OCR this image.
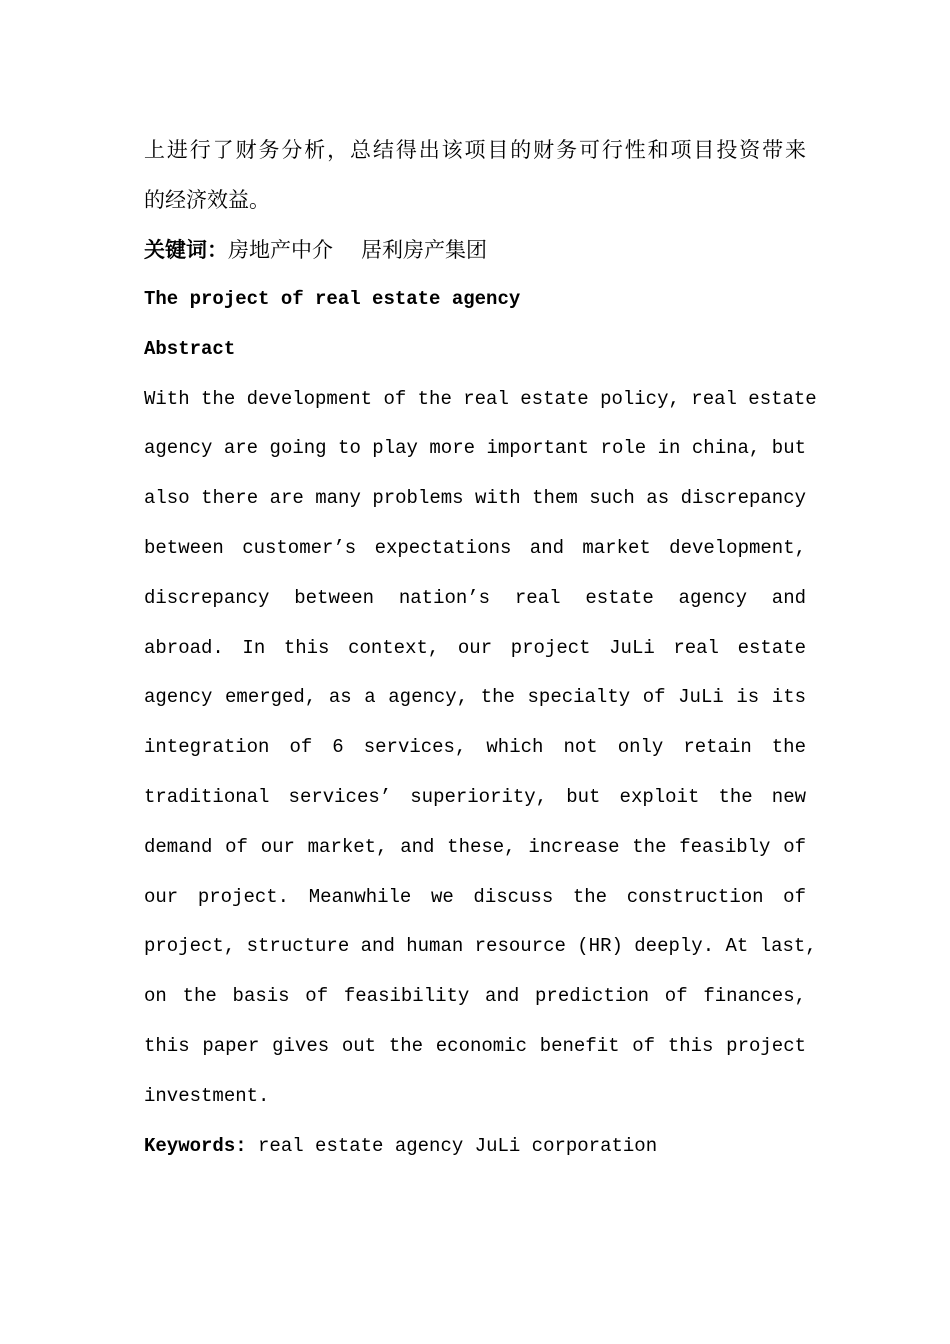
上进行了财务分析，总结得出该项目的财务可行性和项目投资带来
的经济效益。
关键词：房地产中介 居利房产集团
The project of real estate agency
Abstract
With the development of the real estate policy, real estate
agency are going to play more important role in china, but
also there are many problems with them such as discrepancy
between customer’s expectations and market development,
discrepancy between nation’s real estate agency and
abroad. In this context, our project JuLi real estate
agency emerged, as a agency, the specialty of JuLi is its
integration of 6 services, which not only retain the
traditional services’ superiority, but exploit the new
demand of our market, and these, increase the feasibly of
our project. Meanwhile we discuss the construction of
project, structure and human resource (HR) deeply. At last,
on the basis of feasibility and prediction of finances,
this paper gives out the economic benefit of this project
investment.
Keywords: real estate agency JuLi corporation
